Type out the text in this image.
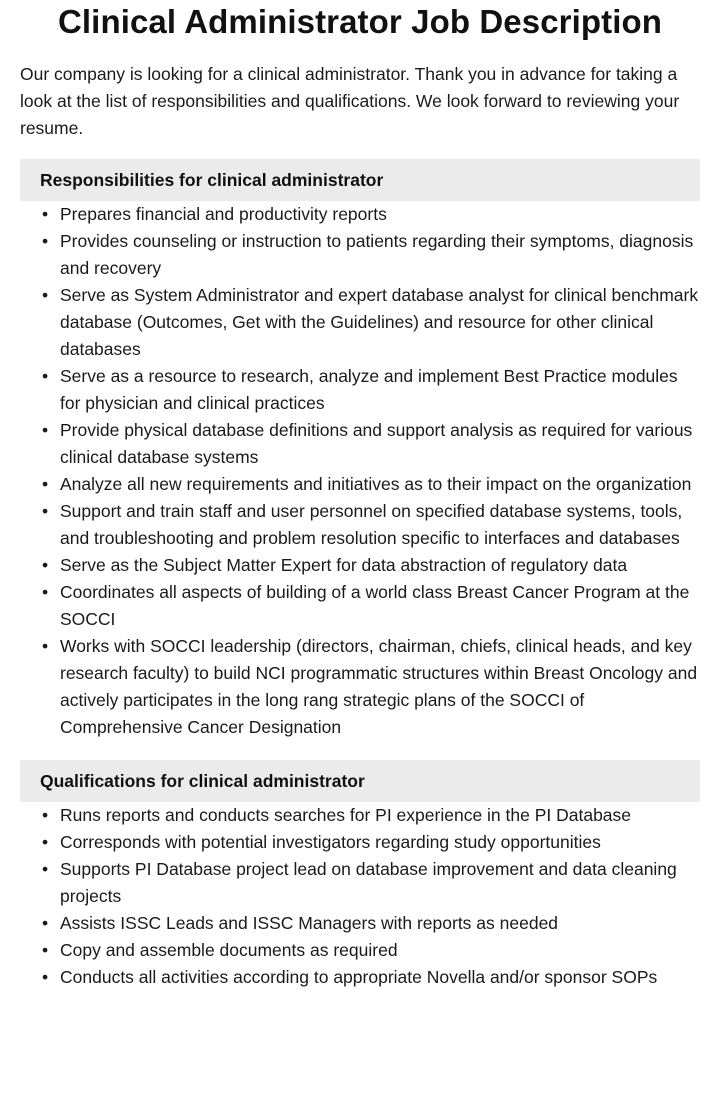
Clinical Administrator Job Description

Our company is looking for a clinical administrator. Thank you in advance for taking a look at the list of responsibilities and qualifications. We look forward to reviewing your resume.

Responsibilities for clinical administrator
• Prepares financial and productivity reports
• Provides counseling or instruction to patients regarding their symptoms, diagnosis and recovery
• Serve as System Administrator and expert database analyst for clinical benchmark database (Outcomes, Get with the Guidelines) and resource for other clinical databases
• Serve as a resource to research, analyze and implement Best Practice modules for physician and clinical practices
• Provide physical database definitions and support analysis as required for various clinical database systems
• Analyze all new requirements and initiatives as to their impact on the organization
• Support and train staff and user personnel on specified database systems, tools, and troubleshooting and problem resolution specific to interfaces and databases
• Serve as the Subject Matter Expert for data abstraction of regulatory data
• Coordinates all aspects of building of a world class Breast Cancer Program at the SOCCI
• Works with SOCCI leadership (directors, chairman, chiefs, clinical heads, and key research faculty) to build NCI programmatic structures within Breast Oncology and actively participates in the long rang strategic plans of the SOCCI of Comprehensive Cancer Designation
Qualifications for clinical administrator
• Runs reports and conducts searches for PI experience in the PI Database
• Corresponds with potential investigators regarding study opportunities
• Supports PI Database project lead on database improvement and data cleaning projects
• Assists ISSC Leads and ISSC Managers with reports as needed
• Copy and assemble documents as required
• Conducts all activities according to appropriate Novella and/or sponsor SOPs
